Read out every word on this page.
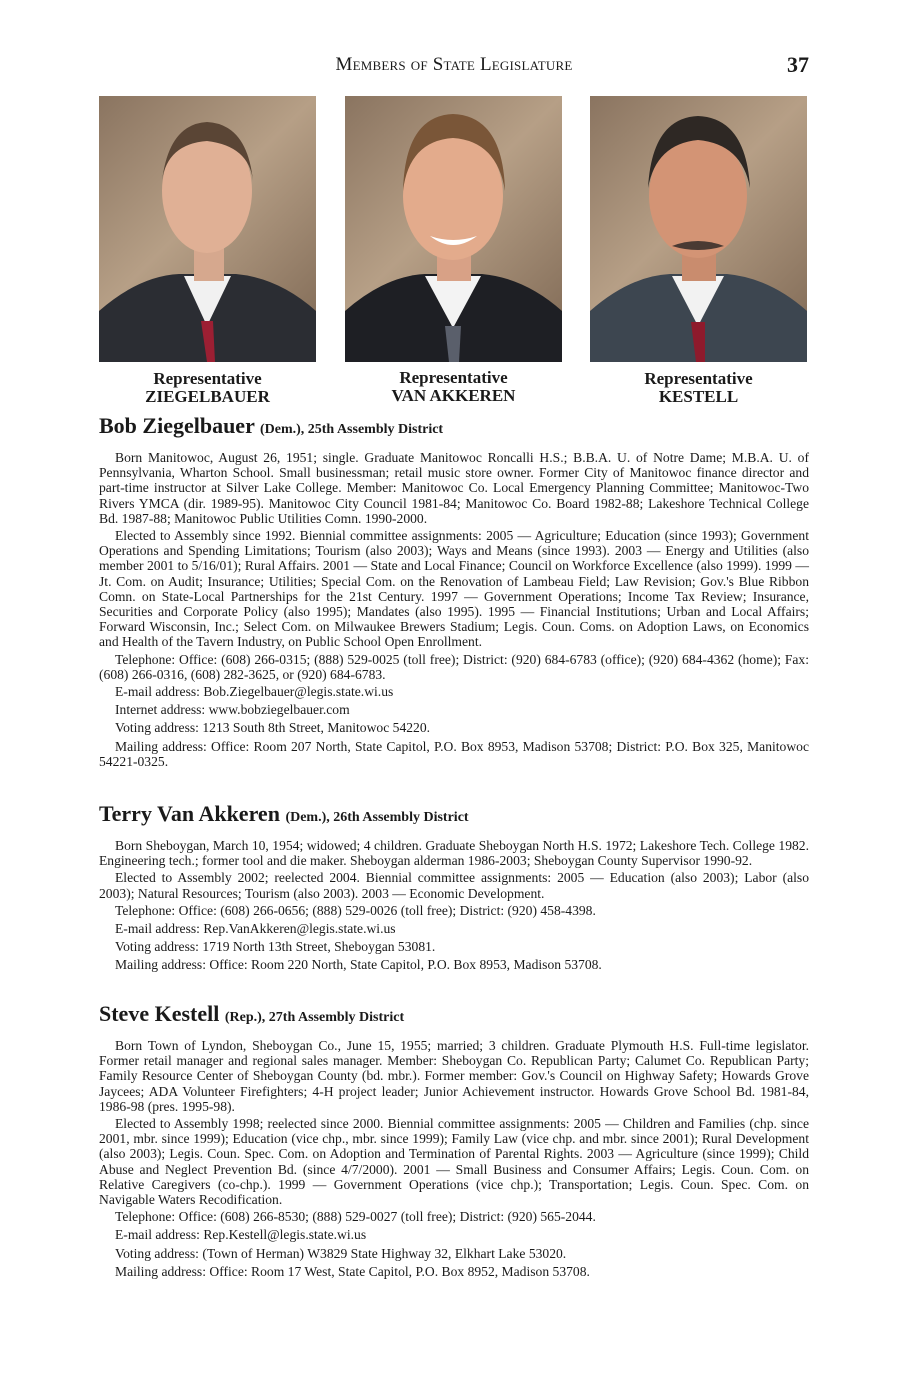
Members of State Legislature	37
Representative
ZIEGELBAUER
Representative
VAN AKKEREN
Representative
KESTELL
Bob Ziegelbauer (Dem.), 25th Assembly District

Born Manitowoc, August 26, 1951; single. Graduate Manitowoc Roncalli H.S.; B.B.A. U. of Notre Dame; M.B.A. U. of Pennsylvania, Wharton School. Small businessman; retail music store owner. Former City of Manitowoc finance director and part-time instructor at Silver Lake College. Member: Manitowoc Co. Local Emergency Planning Committee; Manitowoc-Two Rivers YMCA (dir. 1989-95). Manitowoc City Council 1981-84; Manitowoc Co. Board 1982-88; Lakeshore Technical College Bd. 1987-88; Manitowoc Public Utilities Comn. 1990-2000.

Elected to Assembly since 1992. Biennial committee assignments: 2005 — Agriculture; Education (since 1993); Government Operations and Spending Limitations; Tourism (also 2003); Ways and Means (since 1993). 2003 — Energy and Utilities (also member 2001 to 5/16/01); Rural Affairs. 2001 — State and Local Finance; Council on Workforce Excellence (also 1999). 1999 — Jt. Com. on Audit; Insurance; Utilities; Special Com. on the Renovation of Lambeau Field; Law Revision; Gov.'s Blue Ribbon Comn. on State-Local Partnerships for the 21st Century. 1997 — Government Operations; Income Tax Review; Insurance, Securities and Corporate Policy (also 1995); Mandates (also 1995). 1995 — Financial Institutions; Urban and Local Affairs; Forward Wisconsin, Inc.; Select Com. on Milwaukee Brewers Stadium; Legis. Coun. Coms. on Adoption Laws, on Economics and Health of the Tavern Industry, on Public School Open Enrollment.

Telephone: Office: (608) 266-0315; (888) 529-0025 (toll free); District: (920) 684-6783 (office); (920) 684-4362 (home); Fax: (608) 266-0316, (608) 282-3625, or (920) 684-6783.

E-mail address: Bob.Ziegelbauer@legis.state.wi.us

Internet address: www.bobziegelbauer.com

Voting address: 1213 South 8th Street, Manitowoc 54220.

Mailing address: Office: Room 207 North, State Capitol, P.O. Box 8953, Madison 53708; District: P.O. Box 325, Manitowoc 54221-0325.

Terry Van Akkeren (Dem.), 26th Assembly District

Born Sheboygan, March 10, 1954; widowed; 4 children. Graduate Sheboygan North H.S. 1972; Lakeshore Tech. College 1982. Engineering tech.; former tool and die maker. Sheboygan alderman 1986-2003; Sheboygan County Supervisor 1990-92.

Elected to Assembly 2002; reelected 2004. Biennial committee assignments: 2005 — Education (also 2003); Labor (also 2003); Natural Resources; Tourism (also 2003). 2003 — Economic Development.

Telephone: Office: (608) 266-0656; (888) 529-0026 (toll free); District: (920) 458-4398.

E-mail address: Rep.VanAkkeren@legis.state.wi.us

Voting address: 1719 North 13th Street, Sheboygan 53081.

Mailing address: Office: Room 220 North, State Capitol, P.O. Box 8953, Madison 53708.

Steve Kestell (Rep.), 27th Assembly District

Born Town of Lyndon, Sheboygan Co., June 15, 1955; married; 3 children. Graduate Plymouth H.S. Full-time legislator. Former retail manager and regional sales manager. Member: Sheboygan Co. Republican Party; Calumet Co. Republican Party; Family Resource Center of Sheboygan County (bd. mbr.). Former member: Gov.'s Council on Highway Safety; Howards Grove Jaycees; ADA Volunteer Firefighters; 4-H project leader; Junior Achievement instructor. Howards Grove School Bd. 1981-84, 1986-98 (pres. 1995-98).

Elected to Assembly 1998; reelected since 2000. Biennial committee assignments: 2005 — Children and Families (chp. since 2001, mbr. since 1999); Education (vice chp., mbr. since 1999); Family Law (vice chp. and mbr. since 2001); Rural Development (also 2003); Legis. Coun. Spec. Com. on Adoption and Termination of Parental Rights. 2003 — Agriculture (since 1999); Child Abuse and Neglect Prevention Bd. (since 4/7/2000). 2001 — Small Business and Consumer Affairs; Legis. Coun. Com. on Relative Caregivers (co-chp.). 1999 — Government Operations (vice chp.); Transportation; Legis. Coun. Spec. Com. on Navigable Waters Recodification.

Telephone: Office: (608) 266-8530; (888) 529-0027 (toll free); District: (920) 565-2044.

E-mail address: Rep.Kestell@legis.state.wi.us

Voting address: (Town of Herman) W3829 State Highway 32, Elkhart Lake 53020.

Mailing address: Office: Room 17 West, State Capitol, P.O. Box 8952, Madison 53708.
